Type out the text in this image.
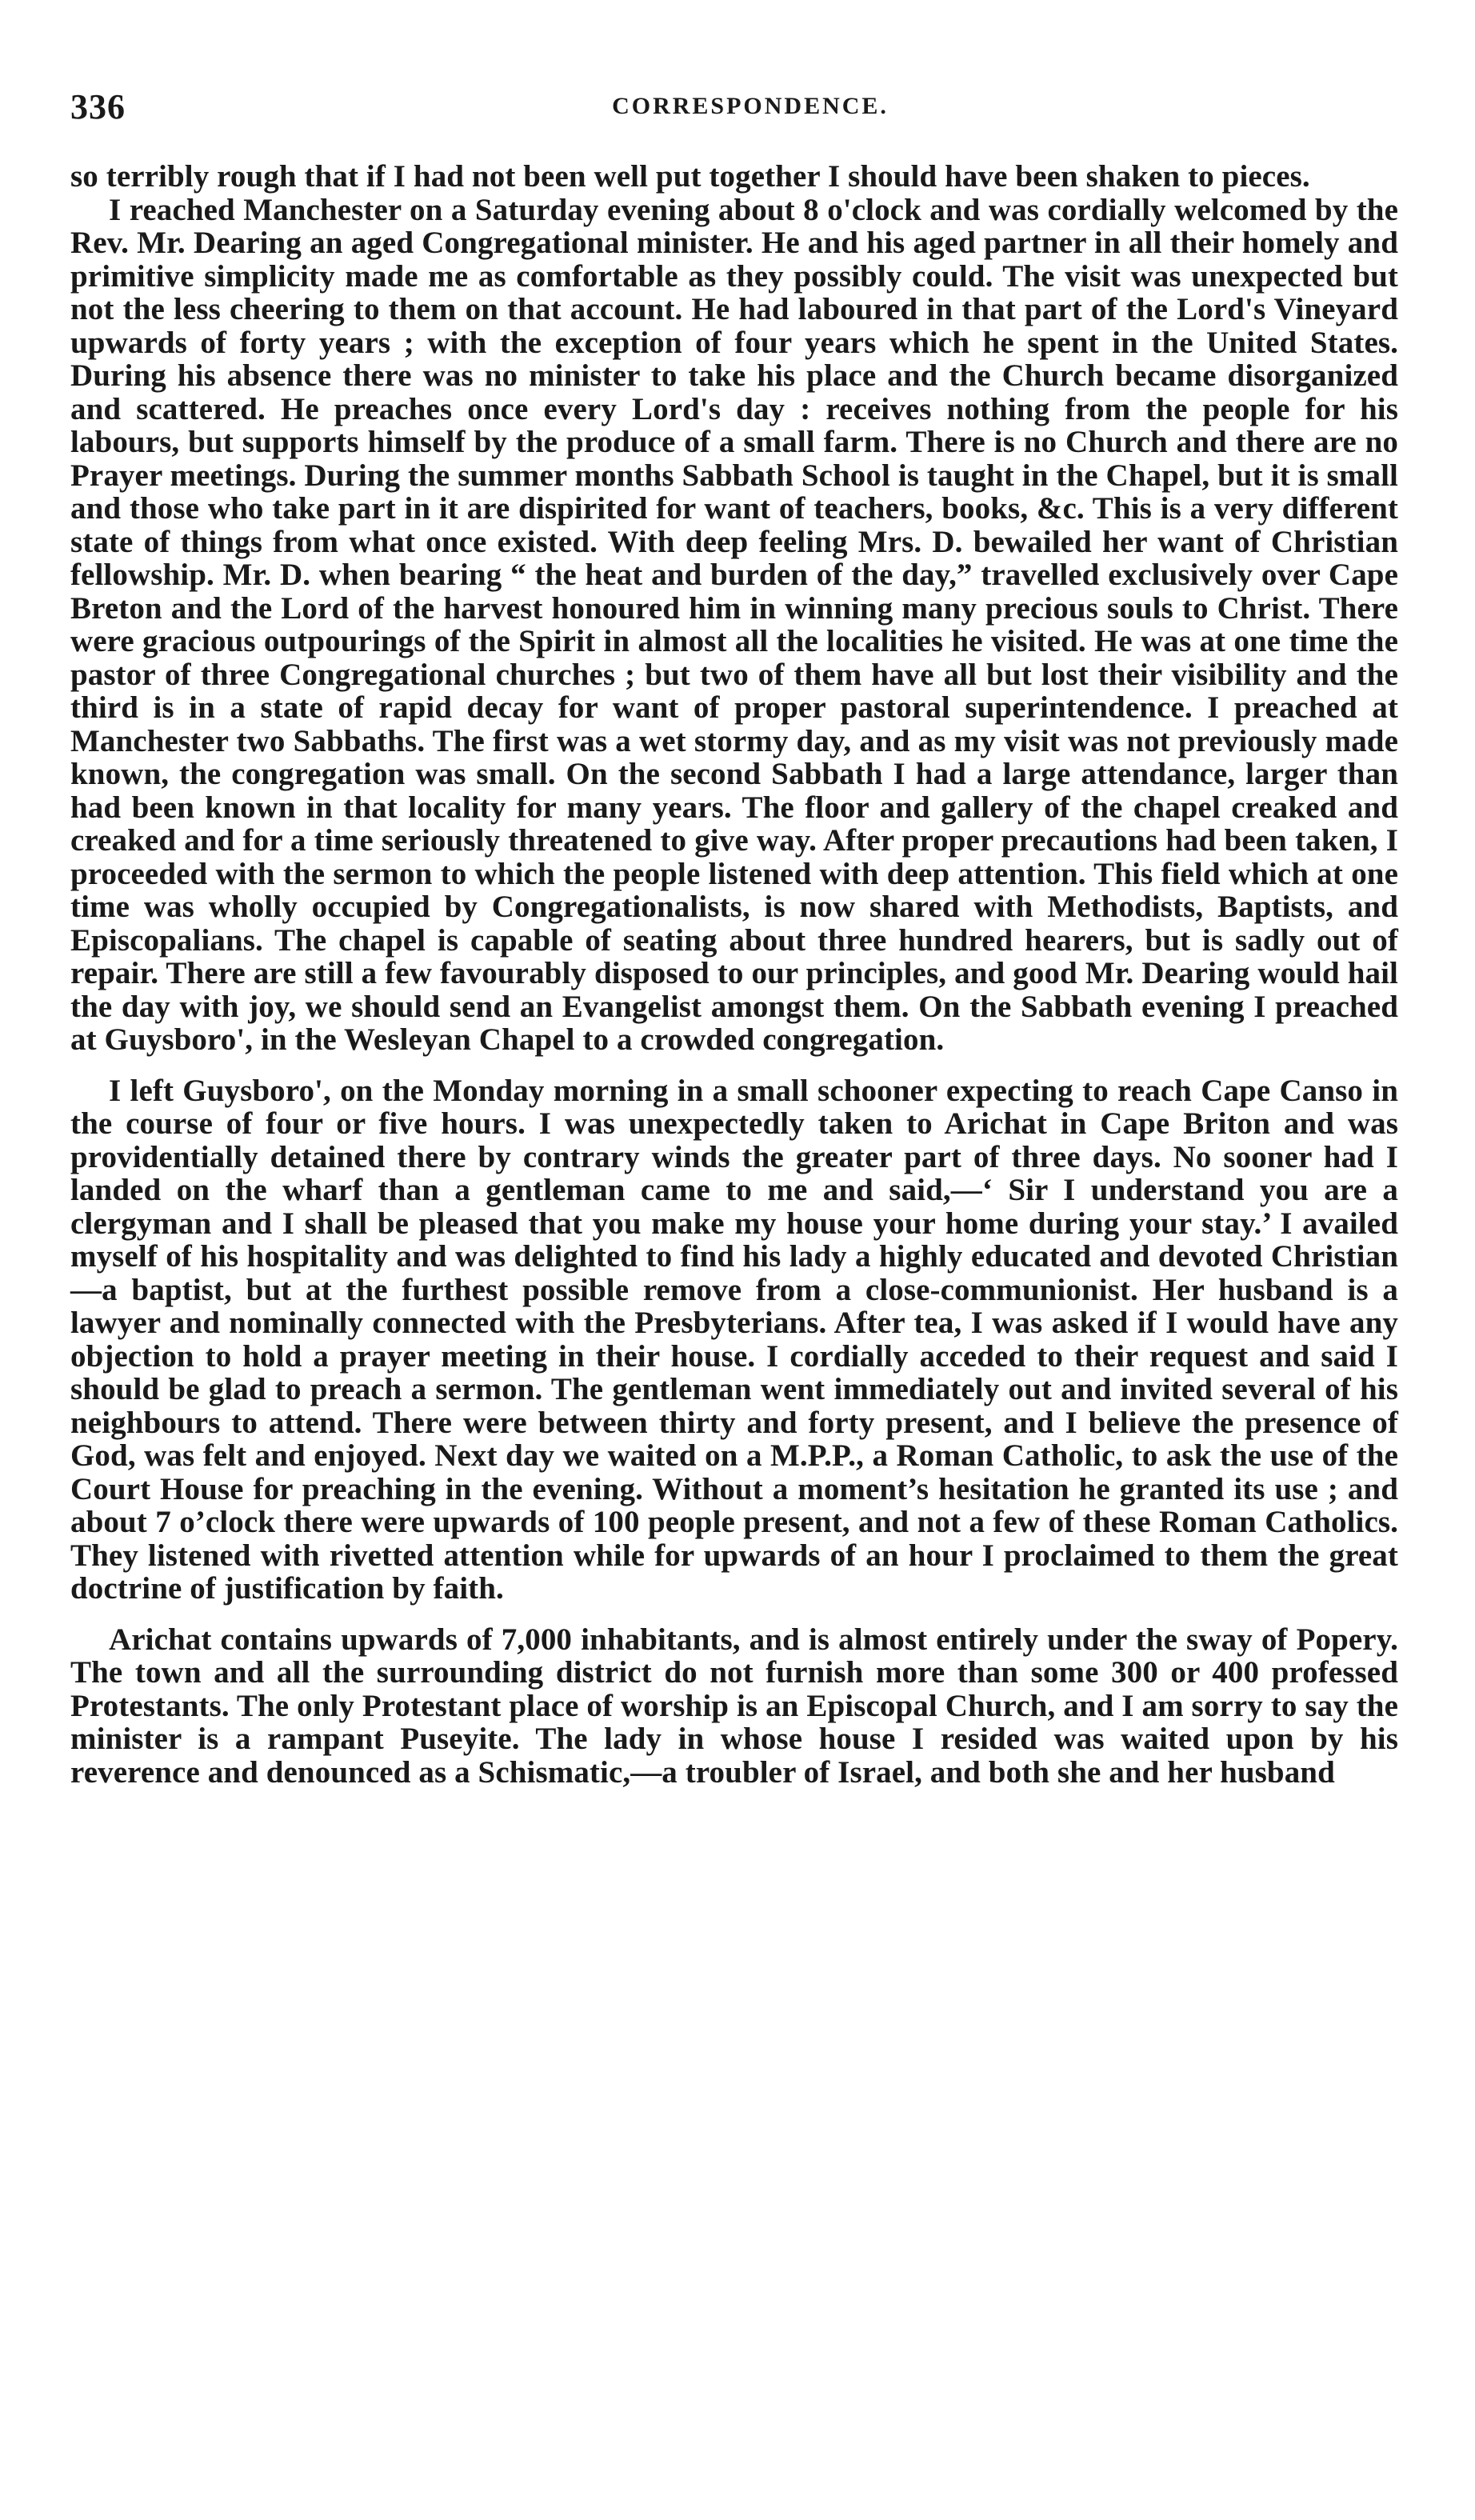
336	CORRESPONDENCE.

so terribly rough that if I had not been well put together I should have been shaken to pieces.

I reached Manchester on a Saturday evening about 8 o'clock and was cordially welcomed by the Rev. Mr. Dearing an aged Congregational minister. He and his aged partner in all their homely and primitive simplicity made me as comfortable as they possibly could. The visit was unexpected but not the less cheering to them on that account. He had laboured in that part of the Lord's Vineyard upwards of forty years ; with the exception of four years which he spent in the United States. During his absence there was no minister to take his place and the Church became disorganized and scattered. He preaches once every Lord's day : receives nothing from the people for his labours, but supports himself by the produce of a small farm. There is no Church and there are no Prayer meetings. During the summer months Sabbath School is taught in the Chapel, but it is small and those who take part in it are dispirited for want of teachers, books, &c. This is a very different state of things from what once existed. With deep feeling Mrs. D. bewailed her want of Christian fellowship. Mr. D. when bearing “ the heat and burden of the day,” travelled exclusively over Cape Breton and the Lord of the harvest honoured him in winning many precious souls to Christ. There were gracious outpourings of the Spirit in almost all the localities he visited. He was at one time the pastor of three Congregational churches ; but two of them have all but lost their visibility and the third is in a state of rapid decay for want of proper pastoral superintendence. I preached at Manchester two Sabbaths. The first was a wet stormy day, and as my visit was not previously made known, the congregation was small. On the second Sabbath I had a large attendance, larger than had been known in that locality for many years. The floor and gallery of the chapel creaked and creaked and for a time seriously threatened to give way. After proper precautions had been taken, I proceeded with the sermon to which the people listened with deep attention. This field which at one time was wholly occupied by Congregationalists, is now shared with Methodists, Baptists, and Episcopalians. The chapel is capable of seating about three hundred hearers, but is sadly out of repair. There are still a few favourably disposed to our principles, and good Mr. Dearing would hail the day with joy, we should send an Evangelist amongst them. On the Sabbath evening I preached at Guysboro', in the Wesleyan Chapel to a crowded congregation.

I left Guysboro', on the Monday morning in a small schooner expecting to reach Cape Canso in the course of four or five hours. I was unexpectedly taken to Arichat in Cape Briton and was providentially detained there by contrary winds the greater part of three days. No sooner had I landed on the wharf than a gentleman came to me and said,—‘ Sir I understand you are a clergyman and I shall be pleased that you make my house your home during your stay.’ I availed myself of his hospitality and was delighted to find his lady a highly educated and devoted Christian—a baptist, but at the furthest possible remove from a close-communionist. Her husband is a lawyer and nominally connected with the Presbyterians. After tea, I was asked if I would have any objection to hold a prayer meeting in their house. I cordially acceded to their request and said I should be glad to preach a sermon. The gentleman went immediately out and invited several of his neighbours to attend. There were between thirty and forty present, and I believe the presence of God, was felt and enjoyed. Next day we waited on a M.P.P., a Roman Catholic, to ask the use of the Court House for preaching in the evening. Without a moment’s hesitation he granted its use ; and about 7 o’clock there were upwards of 100 people present, and not a few of these Roman Catholics. They listened with rivetted attention while for upwards of an hour I proclaimed to them the great doctrine of justification by faith.

Arichat contains upwards of 7,000 inhabitants, and is almost entirely under the sway of Popery. The town and all the surrounding district do not furnish more than some 300 or 400 professed Protestants. The only Protestant place of worship is an Episcopal Church, and I am sorry to say the minister is a rampant Puseyite. The lady in whose house I resided was waited upon by his reverence and denounced as a Schismatic,—a troubler of Israel, and both she and her husband
